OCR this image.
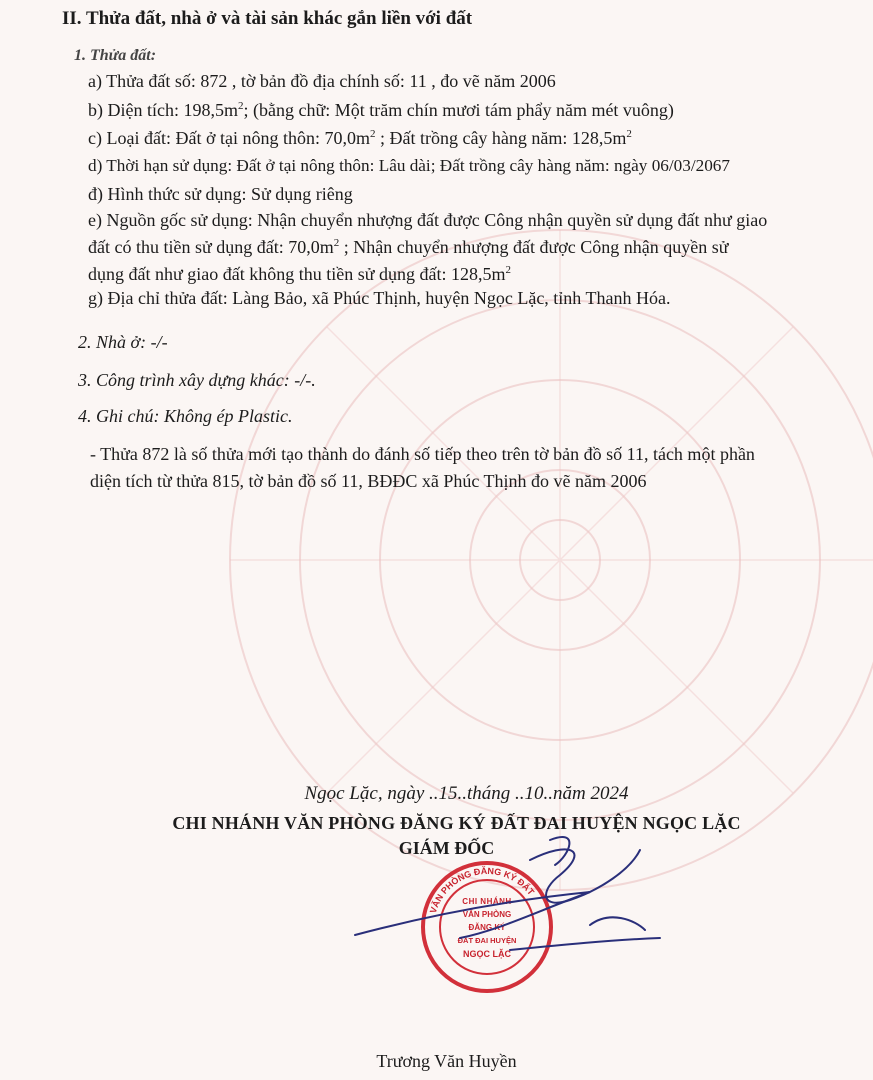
II. Thửa đất, nhà ở và tài sản khác gắn liền với đất
1. Thửa đất:
a) Thửa đất số: 872 , tờ bản đồ địa chính số: 11 , đo vẽ năm 2006
b) Diện tích: $198,5m^2$; (bằng chữ: Một trăm chín mươi tám phẩy năm mét vuông)
c) Loại đất: Đất ở tại nông thôn: $70,0m^2$ ; Đất trồng cây hàng năm: $128,5m^2$
d) Thời hạn sử dụng: Đất ở tại nông thôn: Lâu dài; Đất trồng cây hàng năm: ngày 06/03/2067
đ) Hình thức sử dụng: Sử dụng riêng
e) Nguồn gốc sử dụng: Nhận chuyển nhượng đất được Công nhận quyền sử dụng đất như giao
đất có thu tiền sử dụng đất: $70,0m^2$ ; Nhận chuyển nhượng đất được Công nhận quyền sử
dụng đất như giao đất không thu tiền sử dụng đất: $128,5m^2$
g) Địa chỉ thửa đất: Làng Bảo, xã Phúc Thịnh, huyện Ngọc Lặc, tỉnh Thanh Hóa.
2. Nhà ở: -/-
3. Công trình xây dựng khác: -/-.
4. Ghi chú: Không ép Plastic.
- Thửa 872 là số thửa mới tạo thành do đánh số tiếp theo trên tờ bản đồ số 11, tách một phần
diện tích từ thửa 815, tờ bản đồ số 11, BĐĐC xã Phúc Thịnh đo vẽ năm 2006
Ngọc Lặc, ngày ..15..tháng ..10..năm 2024
CHI NHÁNH VĂN PHÒNG ĐĂNG KÝ ĐẤT ĐAI HUYỆN NGỌC LẶC
GIÁM ĐỐC
CHI NHÁNH
VĂN PHÒNG
ĐĂNG KÝ
ĐẤT ĐAI HUYỆN
NGỌC LẶC
VĂN PHÒNG ĐĂNG KÝ ĐẤT
Trương Văn Huyền
